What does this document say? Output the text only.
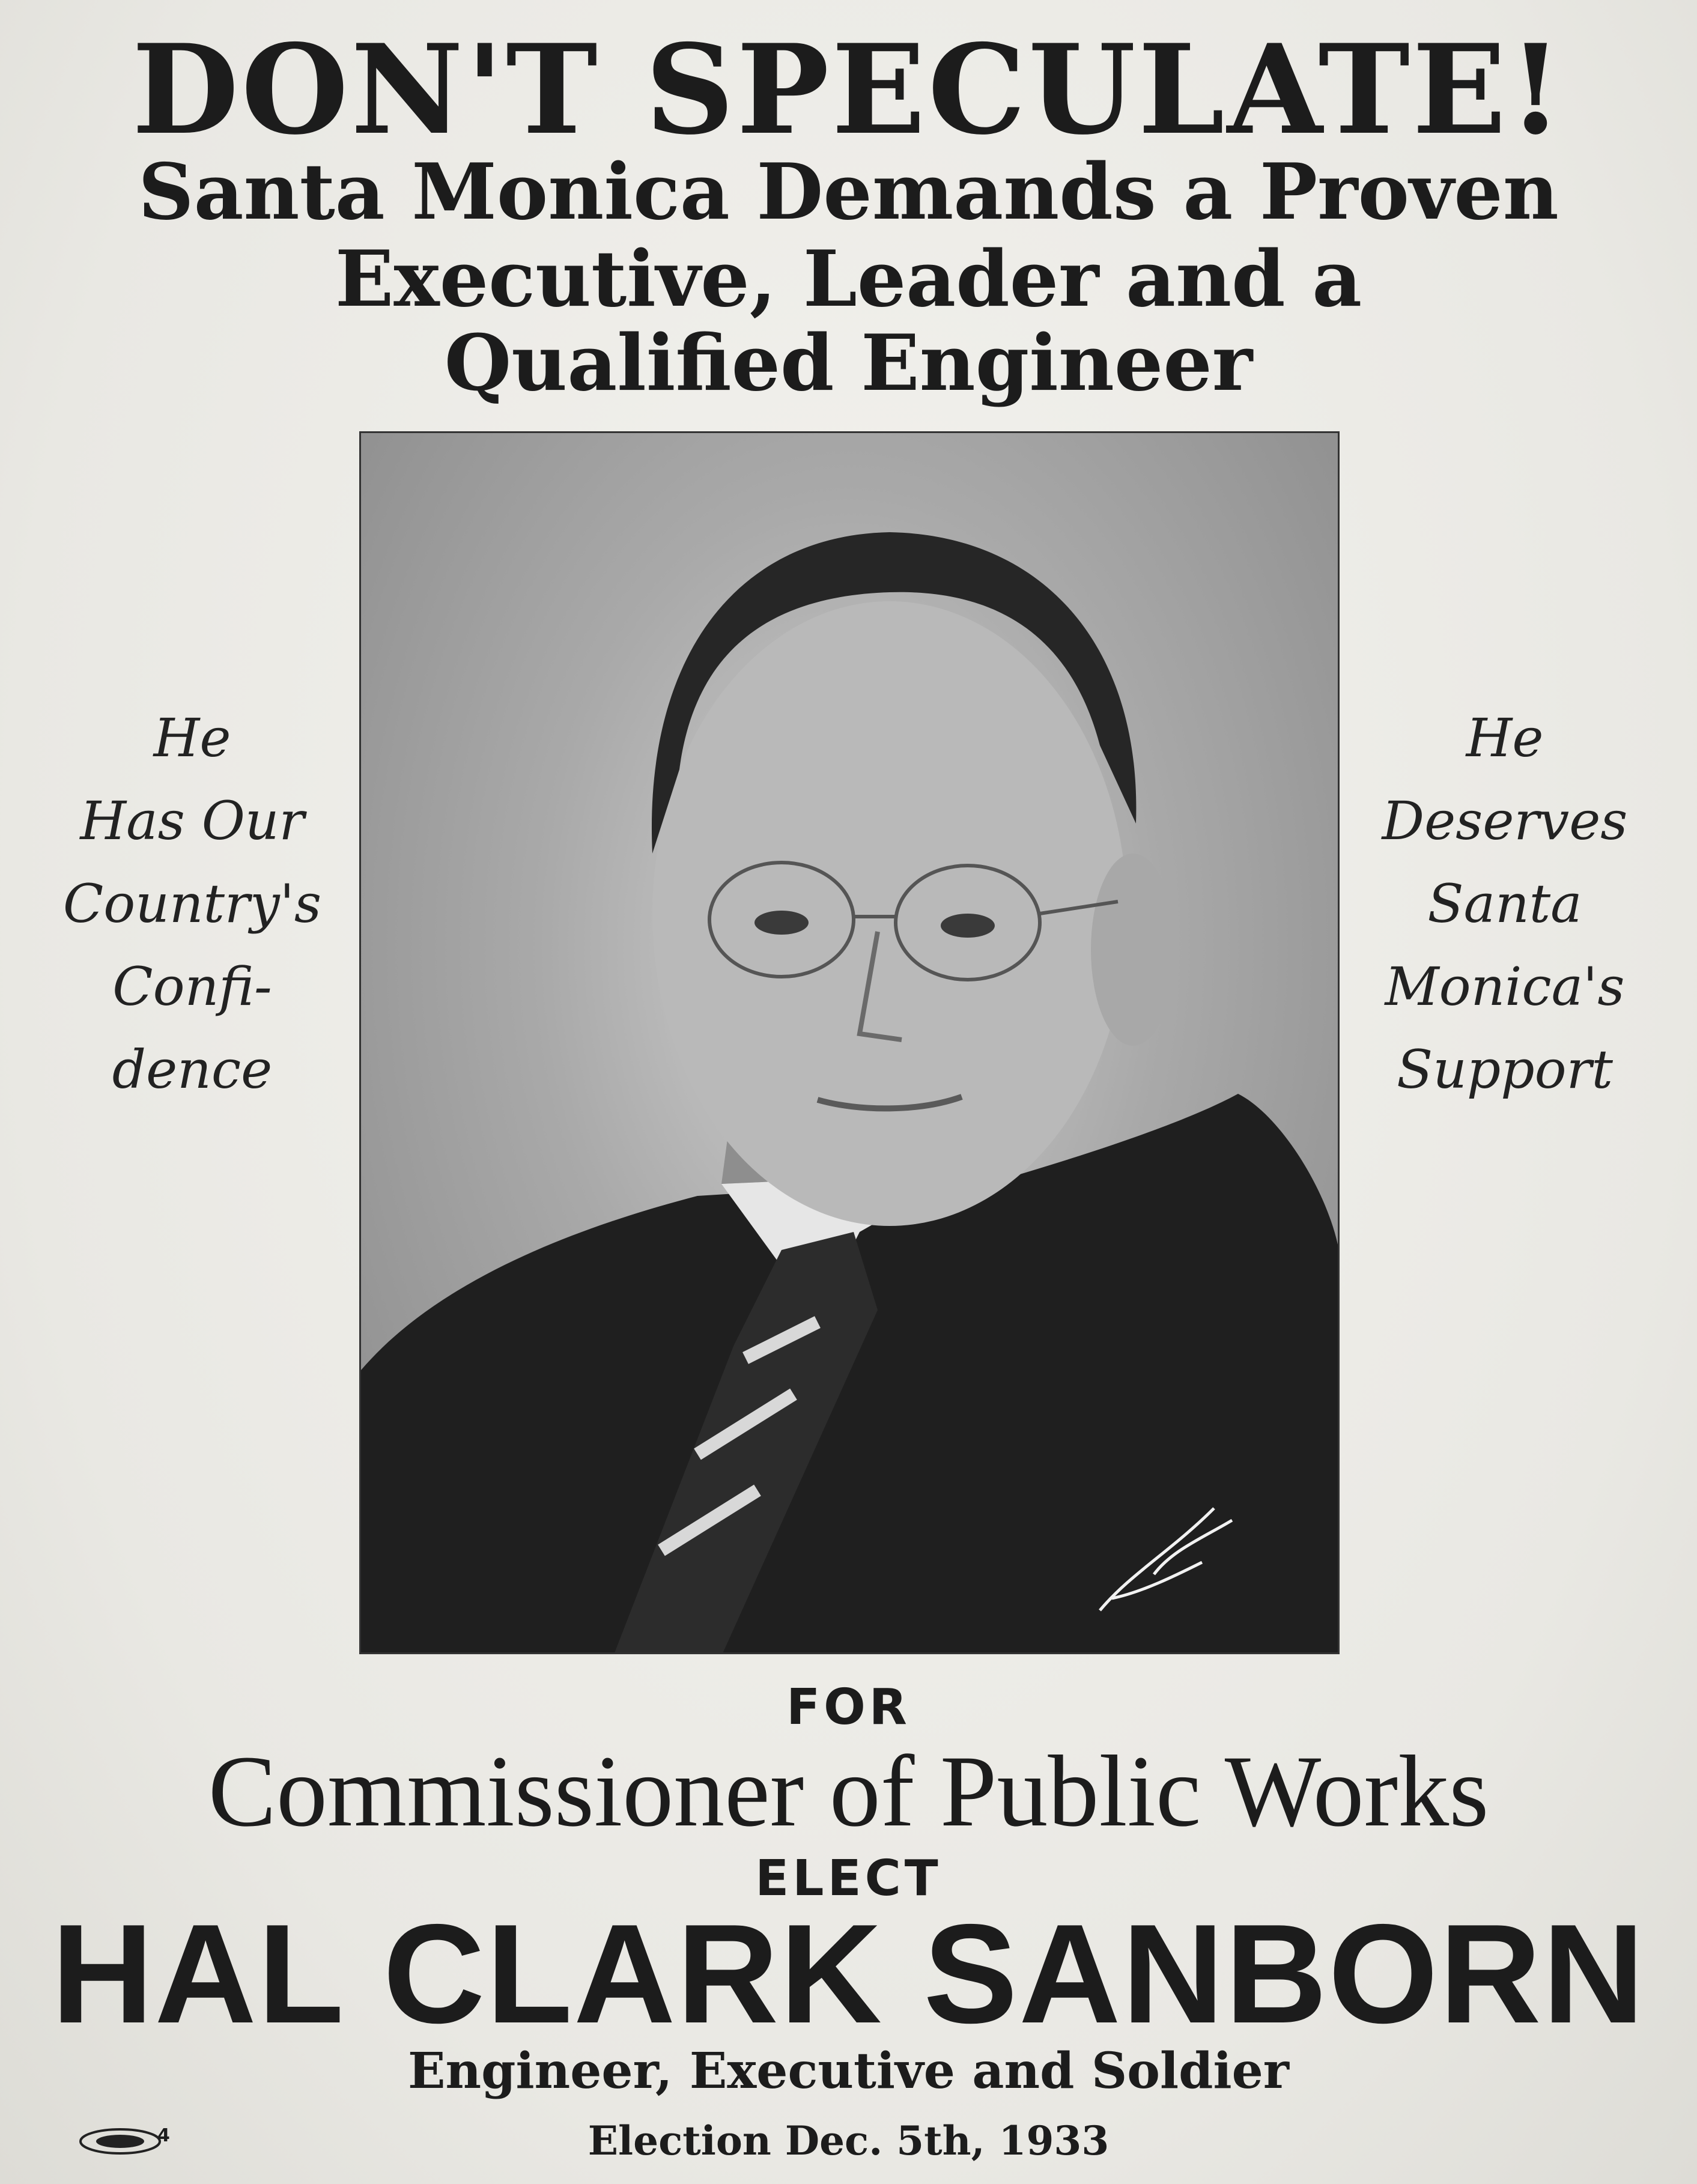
DON'T SPECULATE!
Santa Monica Demands a Proven
Executive, Leader and a
Qualified Engineer
He
Has Our
Country's
Confi-
dence
He
Deserves
Santa
Monica's
Support
FOR
Commissioner of Public Works
ELECT
HAL CLARK SANBORN
Engineer, Executive and Soldier
Election Dec. 5th, 1933
4
